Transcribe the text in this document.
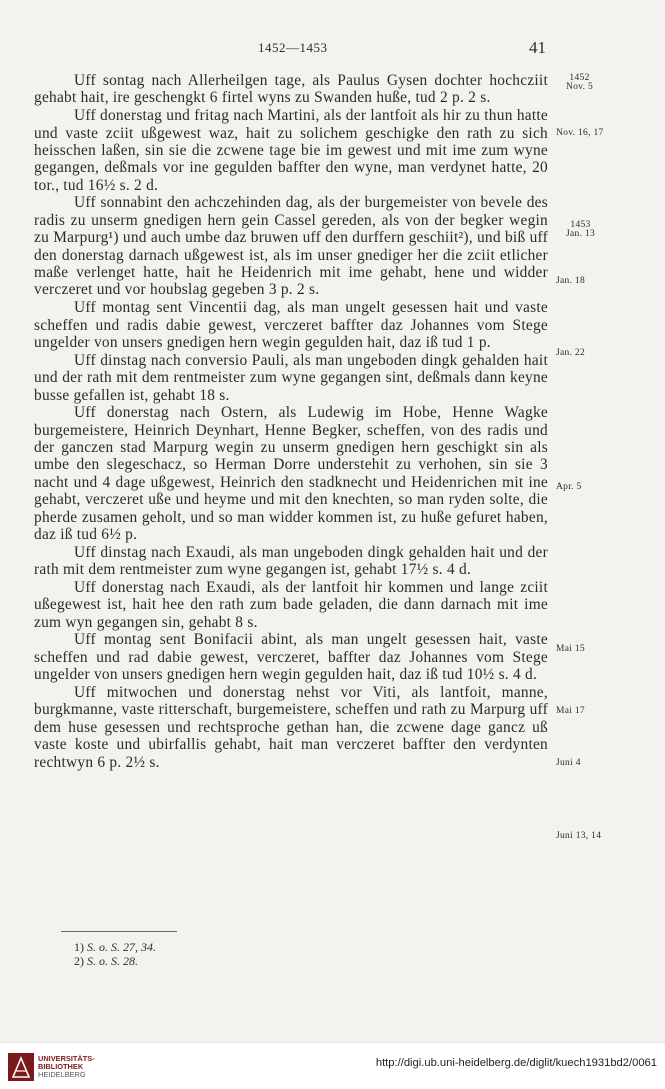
1452—1453	41

Uff sontag nach Allerheilgen tage, als Paulus Gysen dochter hochcziit gehabt hait, ire geschengkt 6 firtel wyns zu Swanden huße, tud 2 p. 2 s.

Uff donerstag und fritag nach Martini, als der lantfoit als hir zu thun hatte und vaste zciit ußgewest waz, hait zu solichem geschigke den rath zu sich heisschen laßen, sin sie die zcwene tage bie im gewest und mit ime zum wyne gegangen, deßmals vor ine gegulden baffter den wyne, man verdynet hatte, 20 tor., tud 16½ s. 2 d.

Uff sonnabint den achczehinden dag, als der burgemeister von bevele des radis zu unserm gnedigen hern gein Cassel gereden, als von der begker wegin zu Marpurg¹) und auch umbe daz bruwen uff den durffern geschiit²), und biß uff den donerstag darnach ußgewest ist, als im unser gnediger her die zciit etlicher maße verlenget hatte, hait he Heidenrich mit ime gehabt, hene und widder verczeret und vor houbslag gegeben 3 p. 2 s.

Uff montag sent Vincentii dag, als man ungelt gesessen hait und vaste scheffen und radis dabie gewest, verczeret baffter daz Johannes vom Stege ungelder von unsers gnedigen hern wegin gegulden hait, daz iß tud 1 p.

Uff dinstag nach conversio Pauli, als man ungeboden dingk gehalden hait und der rath mit dem rentmeister zum wyne gegangen sint, deßmals dann keyne busse gefallen ist, gehabt 18 s.

Uff donerstag nach Ostern, als Ludewig im Hobe, Henne Wagke burgemeistere, Heinrich Deynhart, Henne Begker, scheffen, von des radis und der ganczen stad Marpurg wegin zu unserm gnedigen hern geschigkt sin als umbe den slegeschacz, so Herman Dorre understehit zu verhohen, sin sie 3 nacht und 4 dage ußgewest, Heinrich den stadknecht und Heidenrichen mit ine gehabt, verczeret uße und heyme und mit den knechten, so man ryden solte, die pherde zusamen geholt, und so man widder kommen ist, zu huße gefuret haben, daz iß tud 6½ p.

Uff dinstag nach Exaudi, als man ungeboden dingk gehalden hait und der rath mit dem rentmeister zum wyne gegangen ist, gehabt 17½ s. 4 d.

Uff donerstag nach Exaudi, als der lantfoit hir kommen und lange zciit ußegewest ist, hait hee den rath zum bade geladen, die dann darnach mit ime zum wyn gegangen sin, gehabt 8 s.

Uff montag sent Bonifacii abint, als man ungelt gesessen hait, vaste scheffen und rad dabie gewest, verczeret, baffter daz Johannes vom Stege ungelder von unsers gnedigen hern wegin gegulden hait, daz iß tud 10½ s. 4 d.

Uff mitwochen und donerstag nehst vor Viti, als lantfoit, manne, burgkmanne, vaste ritterschaft, burgemeistere, scheffen und rath zu Marpurg uff dem huse gesessen und rechtsproche gethan han, die zcwene dage gancz uß vaste koste und ubirfallis gehabt, hait man verczeret baffter den verdynten rechtwyn 6 p. 2½ s.

1452
Nov. 5
Nov. 16, 17
1453
Jan. 13
Jan. 18
Jan. 22
Apr. 5
Mai 15
Mai 17
Juni 4
Juni 13, 14
1) S. o. S. 27, 34.
2) S. o. S. 28.
UNIVERSITÄTS-
BIBLIOTHEK
HEIDELBERG
http://digi.ub.uni-heidelberg.de/diglit/kuech1931bd2/0061
